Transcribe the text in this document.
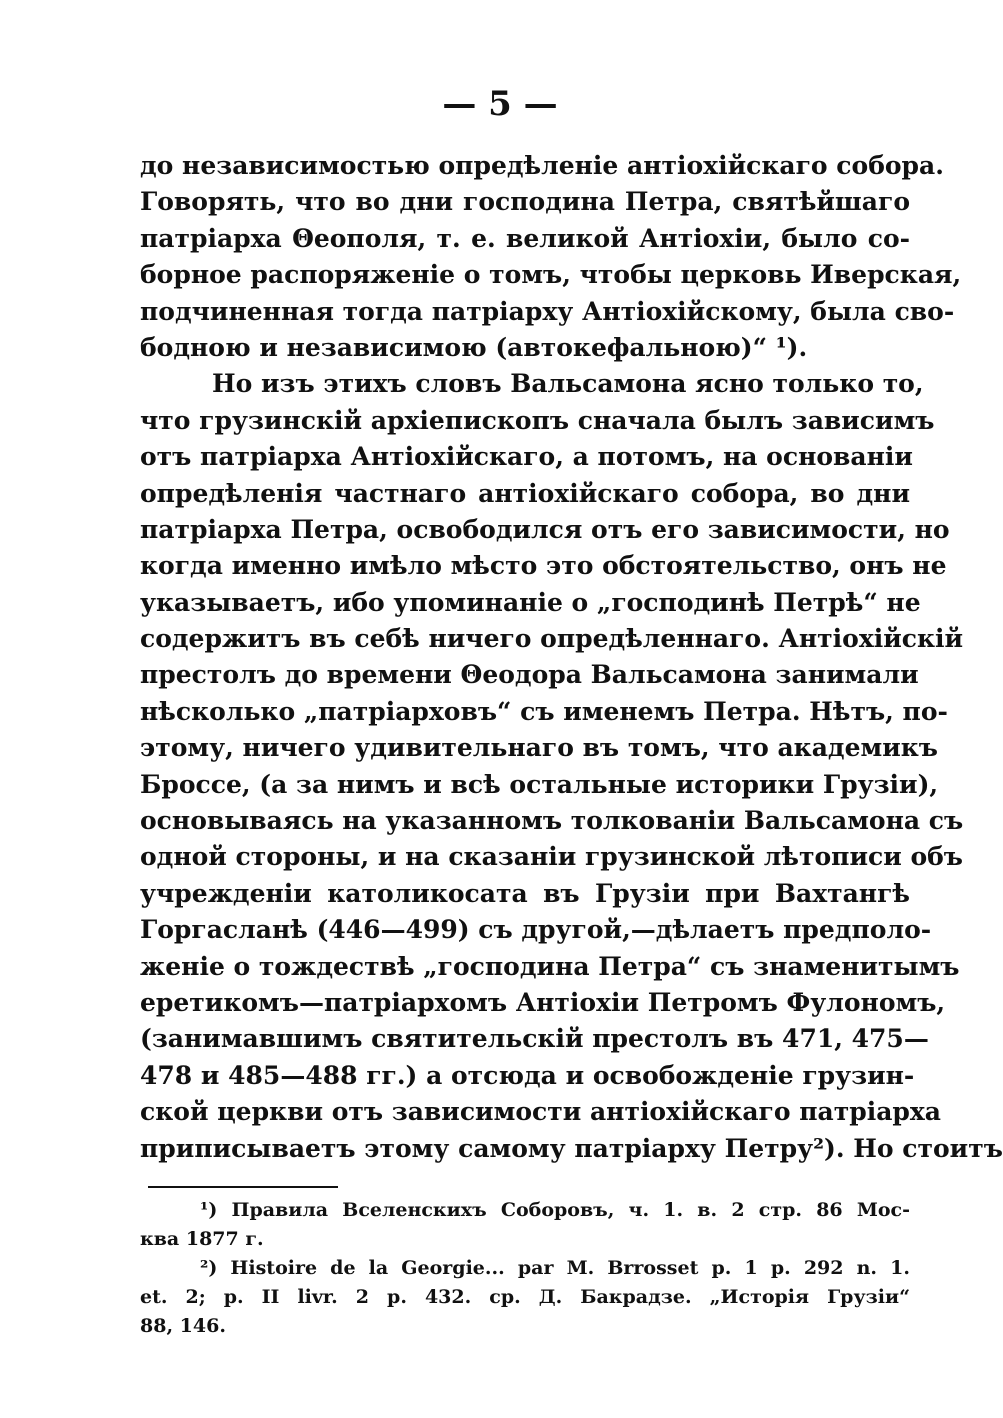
— 5 —
до независимостью опредѣленіе антіохійскаго собора.
Говорять, что во дни господина Петра, святѣйшаго
патріарха Θеополя, т. е. великой Антіохіи, было со-
борное распоряженіе о томъ, чтобы церковь Иверская,
подчиненная тогда патріарху Антіохійскому, была сво-
бодною и независимою (автокефальною)“ ¹).
Но изъ этихъ словъ Вальсамона ясно только то,
что грузинскій архіепископъ сначала былъ зависимъ
отъ патріарха Антіохійскаго, а потомъ, на основаніи
опредѣленія частнаго антіохійскаго собора, во дни
патріарха Петра, освободился отъ его зависимости, но
когда именно имѣло мѣсто это обстоятельство, онъ не
указываетъ, ибо упоминаніе о „господинѣ Петрѣ“ не
содержитъ въ себѣ ничего опредѣленнаго. Антіохійскій
престолъ до времени Θеодора Вальсамона занимали
нѣсколько „патріарховъ“ съ именемъ Петра. Нѣтъ, по-
этому, ничего удивительнаго въ томъ, что академикъ
Броссе, (а за нимъ и всѣ остальные историки Грузіи),
основываясь на указанномъ толкованіи Вальсамона съ
одной стороны, и на сказаніи грузинской лѣтописи объ
учрежденіи католикосата въ Грузіи при Вахтангѣ
Горгасланѣ (446—499) съ другой,—дѣлаетъ предполо-
женіе о тождествѣ „господина Петра“ съ знаменитымъ
еретикомъ—патріархомъ Антіохіи Петромъ Фулономъ,
(занимавшимъ святительскій престолъ въ 471, 475—
478 и 485—488 гг.) а отсюда и освобожденіе грузин-
ской церкви отъ зависимости антіохійскаго патріарха
приписываетъ этому самому патріарху Петру²). Но стоитъ
¹) Правила Вселенскихъ Соборовъ, ч. 1. в. 2 стр. 86 Мос-
ква 1877 г.
²) Histoire de la Georgie... par M. Brrosset p. 1 p. 292 n. 1.
et. 2; p. II livr. 2 p. 432. ср. Д. Бакрадзе. „Исторія Грузіи“
88, 146.
